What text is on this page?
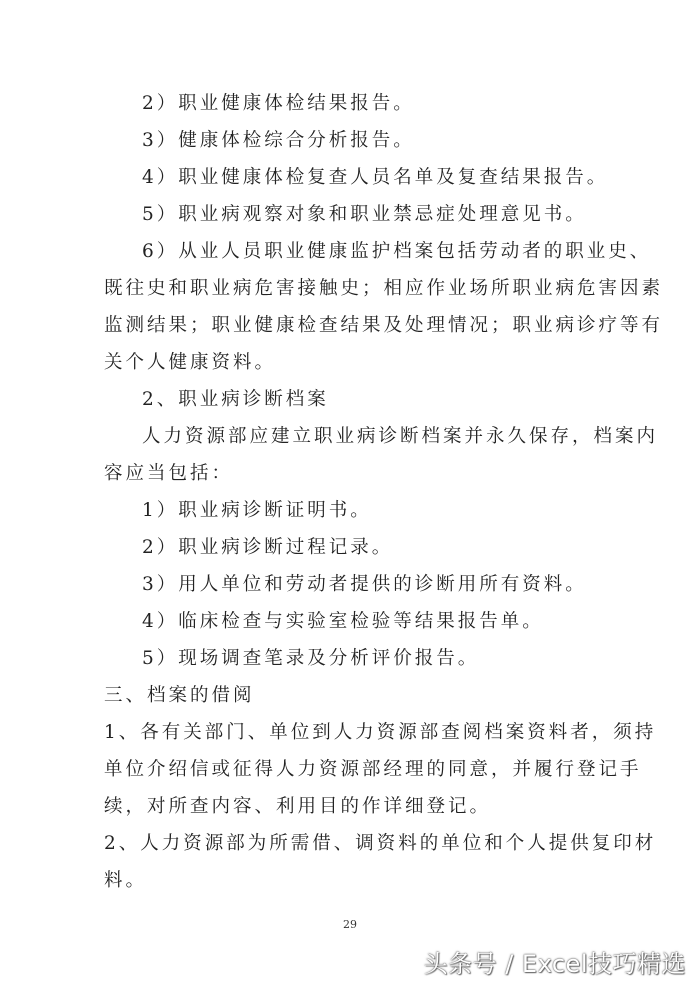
2）职业健康体检结果报告。
3）健康体检综合分析报告。
4）职业健康体检复查人员名单及复查结果报告。
5）职业病观察对象和职业禁忌症处理意见书。
6）从业人员职业健康监护档案包括劳动者的职业史、
既往史和职业病危害接触史；相应作业场所职业病危害因素
监测结果；职业健康检查结果及处理情况；职业病诊疗等有
关个人健康资料。
2、职业病诊断档案
人力资源部应建立职业病诊断档案并永久保存，档案内
容应当包括：
1）职业病诊断证明书。
2）职业病诊断过程记录。
3）用人单位和劳动者提供的诊断用所有资料。
4）临床检查与实验室检验等结果报告单。
5）现场调查笔录及分析评价报告。
三、档案的借阅
1、各有关部门、单位到人力资源部查阅档案资料者，须持
单位介绍信或征得人力资源部经理的同意，并履行登记手
续，对所查内容、利用目的作详细登记。
2、人力资源部为所需借、调资料的单位和个人提供复印材
料。
29
头条号 / Excel技巧精选
